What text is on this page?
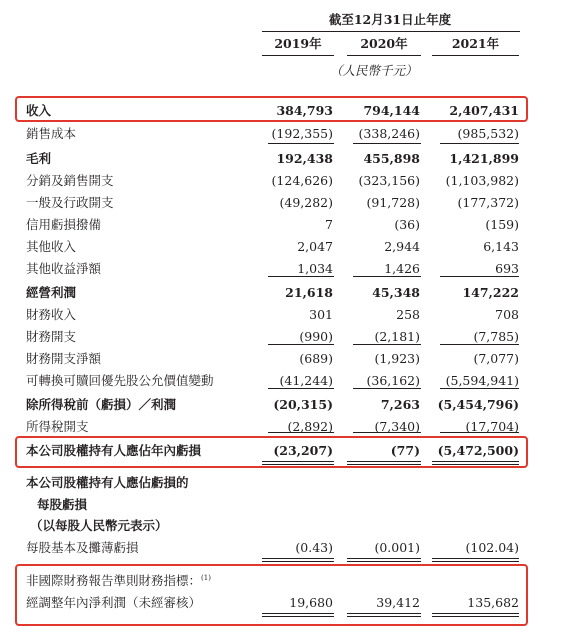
截至12月31日止年度
2019年	2020年	2021年
（人民幣千元）
收入	384,793 794,144 2,407,431
銷售成本	(192,355) (338,246)	(985,532)
毛利	192,438 455,898 1,421,899
分銷及銷售開支	(124,626) (323,156) (1,103,982)
一般及行政開支	(49,282)	(91,728)	(177,372)
信用虧損撥備	7	(36)	(159)
其他收入	2,047	2,944	6,143
其他收益淨額	1,034	1,426	693
經營利潤	21,618	45,348	147,222
財務收入	301	258	708
財務開支	(990)	(2,181)	(7,785)
財務開支淨額	(689)	(1,923)	(7,077)
可轉換可贖回優先股公允價值變動	(41,244)	(36,162) (5,594,941)
除所得稅前（虧損）／利潤	(20,315)	7,263 (5,454,796)
所得稅開支	(2,892)	(7,340)	(17,704)
本公司股權持有人應佔年內虧損	(23,207)	(77) (5,472,500)
本公司股權持有人應佔虧損的
每股虧損
（以每股人民幣元表示）
每股基本及攤薄虧損	(0.43)	(0.001)	(102.04)
非國際財務報告準則財務指標：$^{(1)}$
經調整年內淨利潤（未經審核）	19,680	39,412	135,682
